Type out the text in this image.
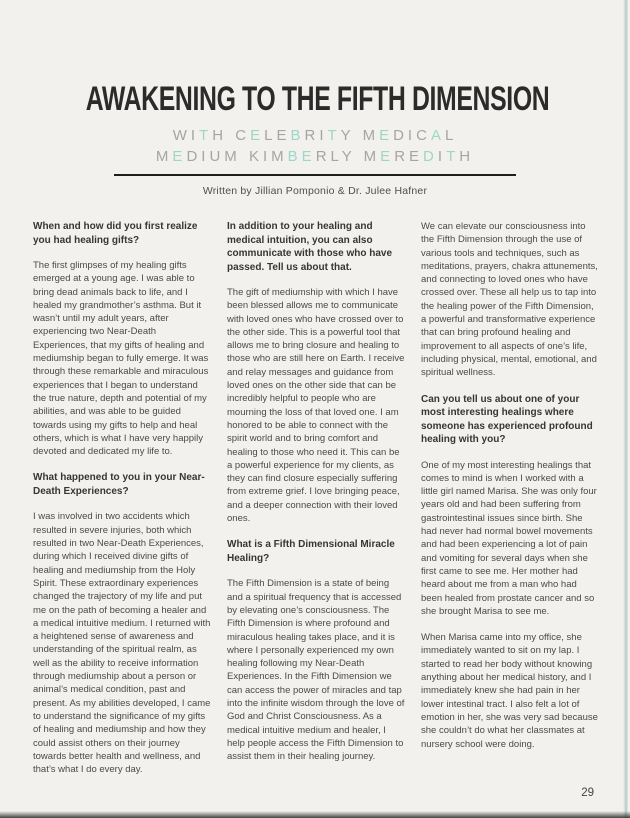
AWAKENING TO THE FIFTH DIMENSION
WITH CELEBRITY MEDICAL
MEDIUM KIMBERLY MEREDITH
Written by Jillian Pomponio & Dr. Julee Hafner
When and how did you first realize you had healing gifts?

The first glimpses of my healing gifts emerged at a young age. I was able to bring dead animals back to life, and I healed my grandmother’s asthma. But it wasn’t until my adult years, after experiencing two Near-Death Experiences, that my gifts of healing and mediumship began to fully emerge. It was through these remarkable and miraculous experiences that I began to understand the true nature, depth and potential of my abilities, and was able to be guided towards using my gifts to help and heal others, which is what I have very happily devoted and dedicated my life to.

What happened to you in your Near-Death Experiences?

I was involved in two accidents which resulted in severe injuries, both which resulted in two Near-Death Experiences, during which I received divine gifts of healing and mediumship from the Holy Spirit. These extraordinary experiences changed the trajectory of my life and put me on the path of becoming a healer and a medical intuitive medium. I returned with a heightened sense of awareness and understanding of the spiritual realm, as well as the ability to receive information through mediumship about a person or animal’s medical condition, past and present. As my abilities developed, I came to understand the significance of my gifts of healing and mediumship and how they could assist others on their journey towards better health and wellness, and that’s what I do every day.

In addition to your healing and medical intuition, you can also communicate with those who have passed. Tell us about that.

The gift of mediumship with which I have been blessed allows me to communicate with loved ones who have crossed over to the other side. This is a powerful tool that allows me to bring closure and healing to those who are still here on Earth. I receive and relay messages and guidance from loved ones on the other side that can be incredibly helpful to people who are mourning the loss of that loved one. I am honored to be able to connect with the spirit world and to bring comfort and healing to those who need it. This can be a powerful experience for my clients, as they can find closure especially suffering from extreme grief. I love bringing peace, and a deeper connection with their loved ones.

What is a Fifth Dimensional Miracle Healing?

The Fifth Dimension is a state of being and a spiritual frequency that is accessed by elevating one’s consciousness. The Fifth Dimension is where profound and miraculous healing takes place, and it is where I personally experienced my own healing following my Near-Death Experiences. In the Fifth Dimension we can access the power of miracles and tap into the infinite wisdom through the love of God and Christ Consciousness. As a medical intuitive medium and healer, I help people access the Fifth Dimension to assist them in their healing journey.

We can elevate our consciousness into the Fifth Dimension through the use of various tools and techniques, such as meditations, prayers, chakra attunements, and connecting to loved ones who have crossed over. These all help us to tap into the healing power of the Fifth Dimension, a powerful and transformative experience that can bring profound healing and improvement to all aspects of one’s life, including physical, mental, emotional, and spiritual wellness.

Can you tell us about one of your most interesting healings where someone has experienced profound healing with you?

One of my most interesting healings that comes to mind is when I worked with a little girl named Marisa. She was only four years old and had been suffering from gastrointestinal issues since birth. She had never had normal bowel movements and had been experiencing a lot of pain and vomiting for several days when she first came to see me. Her mother had heard about me from a man who had been healed from prostate cancer and so she brought Marisa to see me.

When Marisa came into my office, she immediately wanted to sit on my lap. I started to read her body without knowing anything about her medical history, and I immediately knew she had pain in her lower intestinal tract. I also felt a lot of emotion in her, she was very sad because she couldn’t do what her classmates at nursery school were doing.

29
